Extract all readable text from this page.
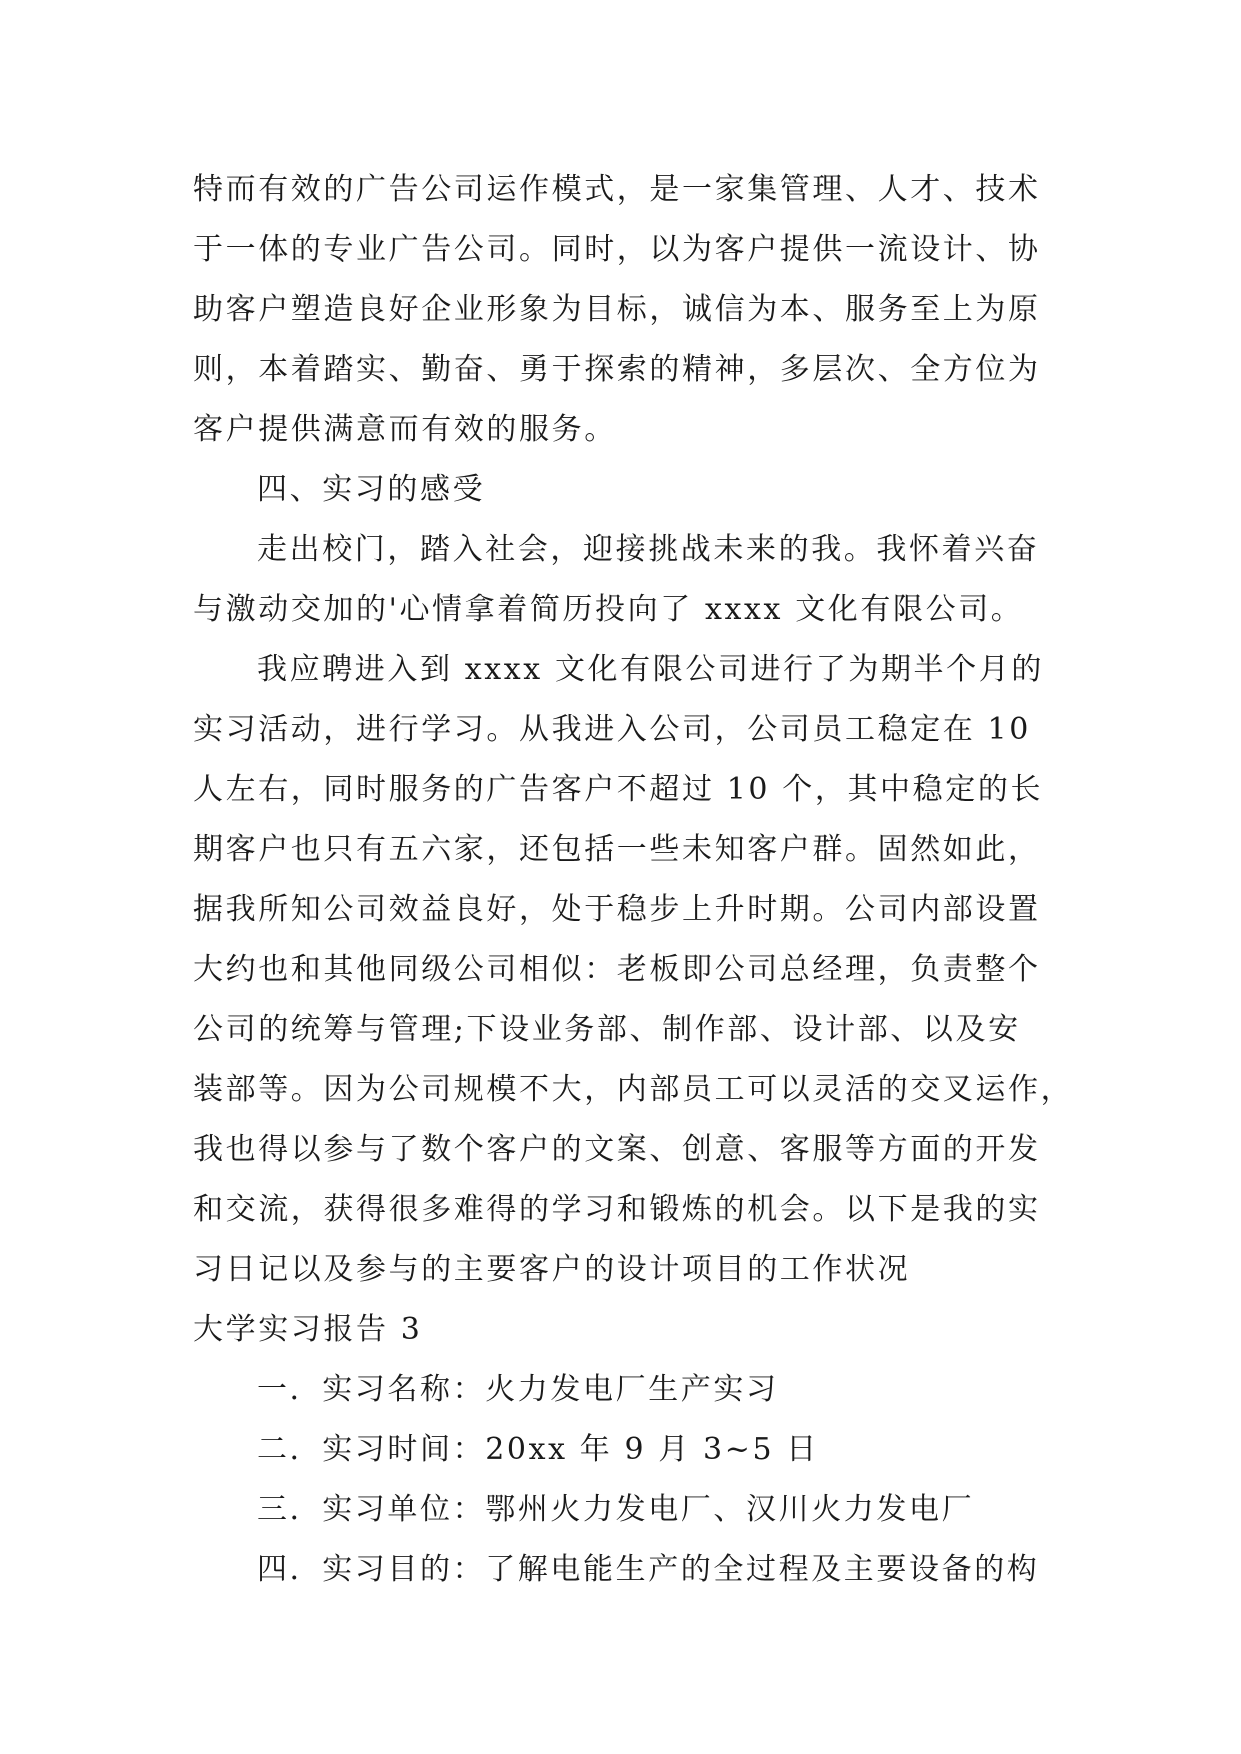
特而有效的广告公司运作模式，是一家集管理、人才、技术
于一体的专业广告公司。同时，以为客户提供一流设计、协
助客户塑造良好企业形象为目标，诚信为本、服务至上为原
则，本着踏实、勤奋、勇于探索的精神，多层次、全方位为
客户提供满意而有效的服务。
四、实习的感受
走出校门，踏入社会，迎接挑战未来的我。我怀着兴奋
与激动交加的'心情拿着简历投向了 xxxx 文化有限公司。
我应聘进入到 xxxx 文化有限公司进行了为期半个月的
实习活动，进行学习。从我进入公司，公司员工稳定在 10
人左右，同时服务的广告客户不超过 10 个，其中稳定的长
期客户也只有五六家，还包括一些未知客户群。固然如此，
据我所知公司效益良好，处于稳步上升时期。公司内部设置
大约也和其他同级公司相似：老板即公司总经理，负责整个
公司的统筹与管理;下设业务部、制作部、设计部、以及安
装部等。因为公司规模不大，内部员工可以灵活的交叉运作，
我也得以参与了数个客户的文案、创意、客服等方面的开发
和交流，获得很多难得的学习和锻炼的机会。以下是我的实
习日记以及参与的主要客户的设计项目的工作状况
大学实习报告 3
一．实习名称：火力发电厂生产实习
二．实习时间：20xx 年 9 月 3~5 日
三．实习单位：鄂州火力发电厂、汉川火力发电厂
四．实习目的：了解电能生产的全过程及主要设备的构
